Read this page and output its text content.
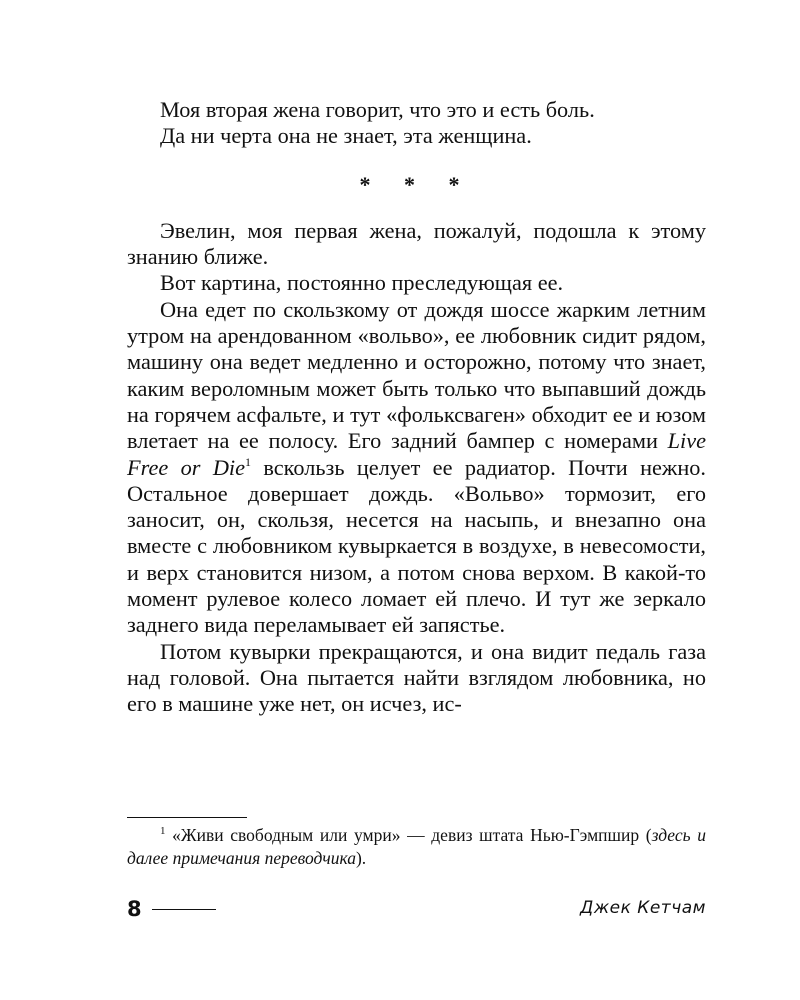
Моя вторая жена говорит, что это и есть боль.

Да ни черта она не знает, эта женщина.

* * *

Эвелин, моя первая жена, пожалуй, подошла к этому знанию ближе.

Вот картина, постоянно преследующая ее.

Она едет по скользкому от дождя шоссе жарким летним утром на арендованном «вольво», ее любовник сидит рядом, машину она ведет медленно и осторожно, потому что знает, каким вероломным может быть только что выпавший дождь на горячем асфальте, и тут «фольксваген» обходит ее и юзом влетает на ее полосу. Его задний бампер с номерами Live Free or Die$^1$ вскользь целует ее радиатор. Почти нежно. Остальное довершает дождь. «Вольво» тормозит, его заносит, он, скользя, несется на насыпь, и внезапно она вместе с любовником кувыркается в воздухе, в невесомости, и верх становится низом, а потом снова верхом. В какой-то момент рулевое колесо ломает ей плечо. И тут же зеркало заднего вида переламывает ей запястье.

Потом кувырки прекращаются, и она видит педаль газа над головой. Она пытается найти взглядом любовника, но его в машине уже нет, он исчез, ис-

$^1$ «Живи свободным или умри» — девиз штата Нью-Гэмпшир (здесь и далее примечания переводчика).

8	Джек Кетчам
